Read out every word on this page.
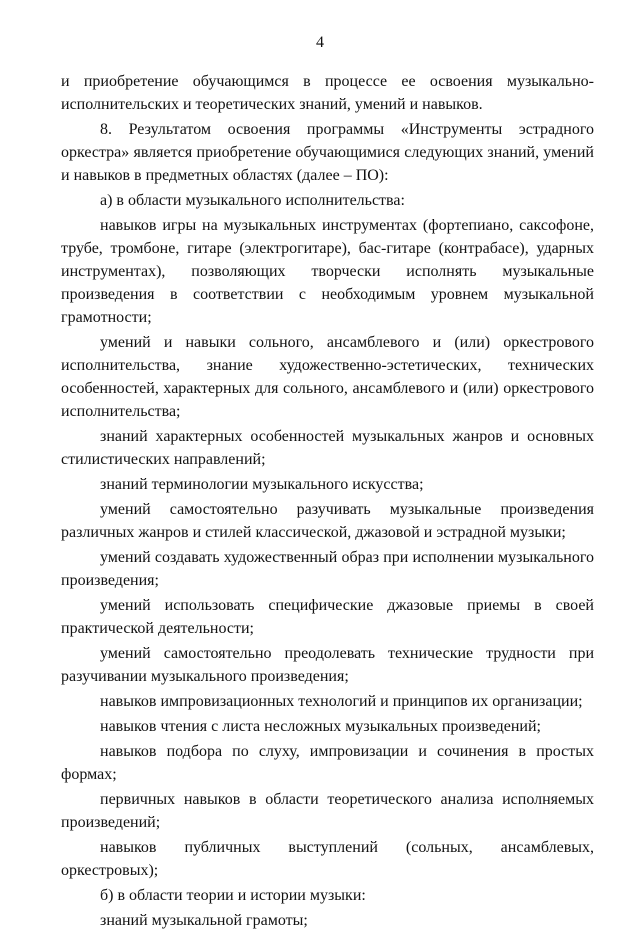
4

и приобретение обучающимся в процессе ее освоения музыкально-исполнительских и теоретических знаний, умений и навыков.

8. Результатом освоения программы «Инструменты эстрадного оркестра» является приобретение обучающимися следующих знаний, умений и навыков в предметных областях (далее – ПО):

а) в области музыкального исполнительства:

навыков игры на музыкальных инструментах (фортепиано, саксофоне, трубе, тромбоне, гитаре (электрогитаре), бас-гитаре (контрабасе), ударных инструментах), позволяющих творчески исполнять музыкальные произведения в соответствии с необходимым уровнем музыкальной грамотности;

умений и навыки сольного, ансамблевого и (или) оркестрового исполнительства, знание художественно-эстетических, технических особенностей, характерных для сольного, ансамблевого и (или) оркестрового исполнительства;

знаний характерных особенностей музыкальных жанров и основных стилистических направлений;

знаний терминологии музыкального искусства;

умений самостоятельно разучивать музыкальные произведения различных жанров и стилей классической, джазовой и эстрадной музыки;

умений создавать художественный образ при исполнении музыкального произведения;

умений использовать специфические джазовые приемы в своей практической деятельности;

умений самостоятельно преодолевать технические трудности при разучивании музыкального произведения;

навыков импровизационных технологий и принципов их организации;

навыков чтения с листа несложных музыкальных произведений;

навыков подбора по слуху, импровизации и сочинения в простых формах;

первичных навыков в области теоретического анализа исполняемых произведений;

навыков публичных выступлений (сольных, ансамблевых, оркестровых);

б) в области теории и истории музыки:

знаний музыкальной грамоты;
